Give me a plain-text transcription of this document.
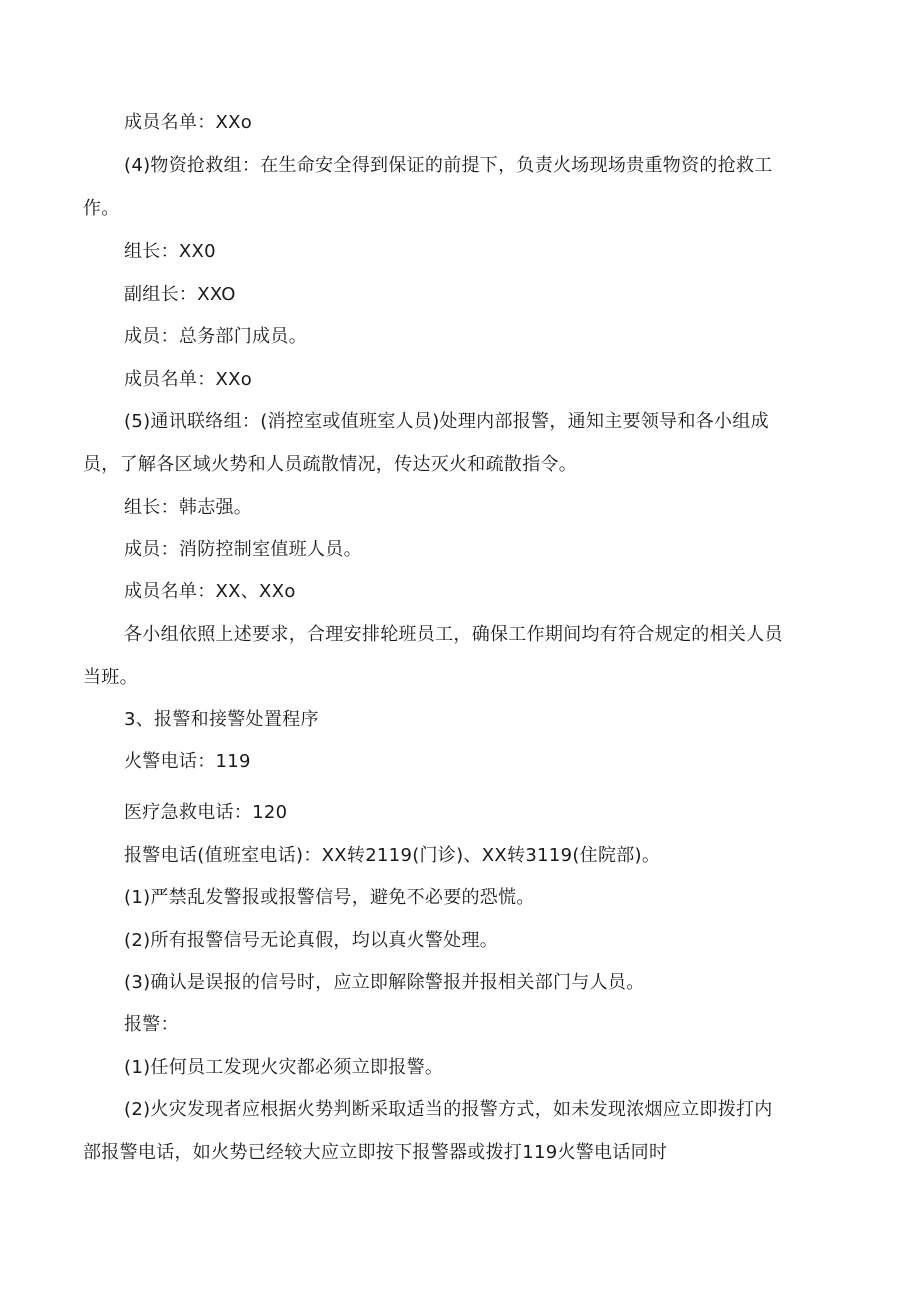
成员名单：XXo
(4)物资抢救组：在生命安全得到保证的前提下，负责火场现场贵重物资的抢救工
作。
组长：XX0
副组长：XXO
成员：总务部门成员。
成员名单：XXo
(5)通讯联络组：(消控室或值班室人员)处理内部报警，通知主要领导和各小组成
员，了解各区域火势和人员疏散情况，传达灭火和疏散指令。
组长：韩志强。
成员：消防控制室值班人员。
成员名单：XX、XXo
各小组依照上述要求，合理安排轮班员工，确保工作期间均有符合规定的相关人员
当班。
3、报警和接警处置程序
火警电话：119
医疗急救电话：120
报警电话(值班室电话)：XX转2119(门诊)、XX转3119(住院部)。
(1)严禁乱发警报或报警信号，避免不必要的恐慌。
(2)所有报警信号无论真假，均以真火警处理。
(3)确认是误报的信号时，应立即解除警报并报相关部门与人员。
报警：
(1)任何员工发现火灾都必须立即报警。
(2)火灾发现者应根据火势判断采取适当的报警方式，如未发现浓烟应立即拨打内
部报警电话，如火势已经较大应立即按下报警器或拨打119火警电话同时
